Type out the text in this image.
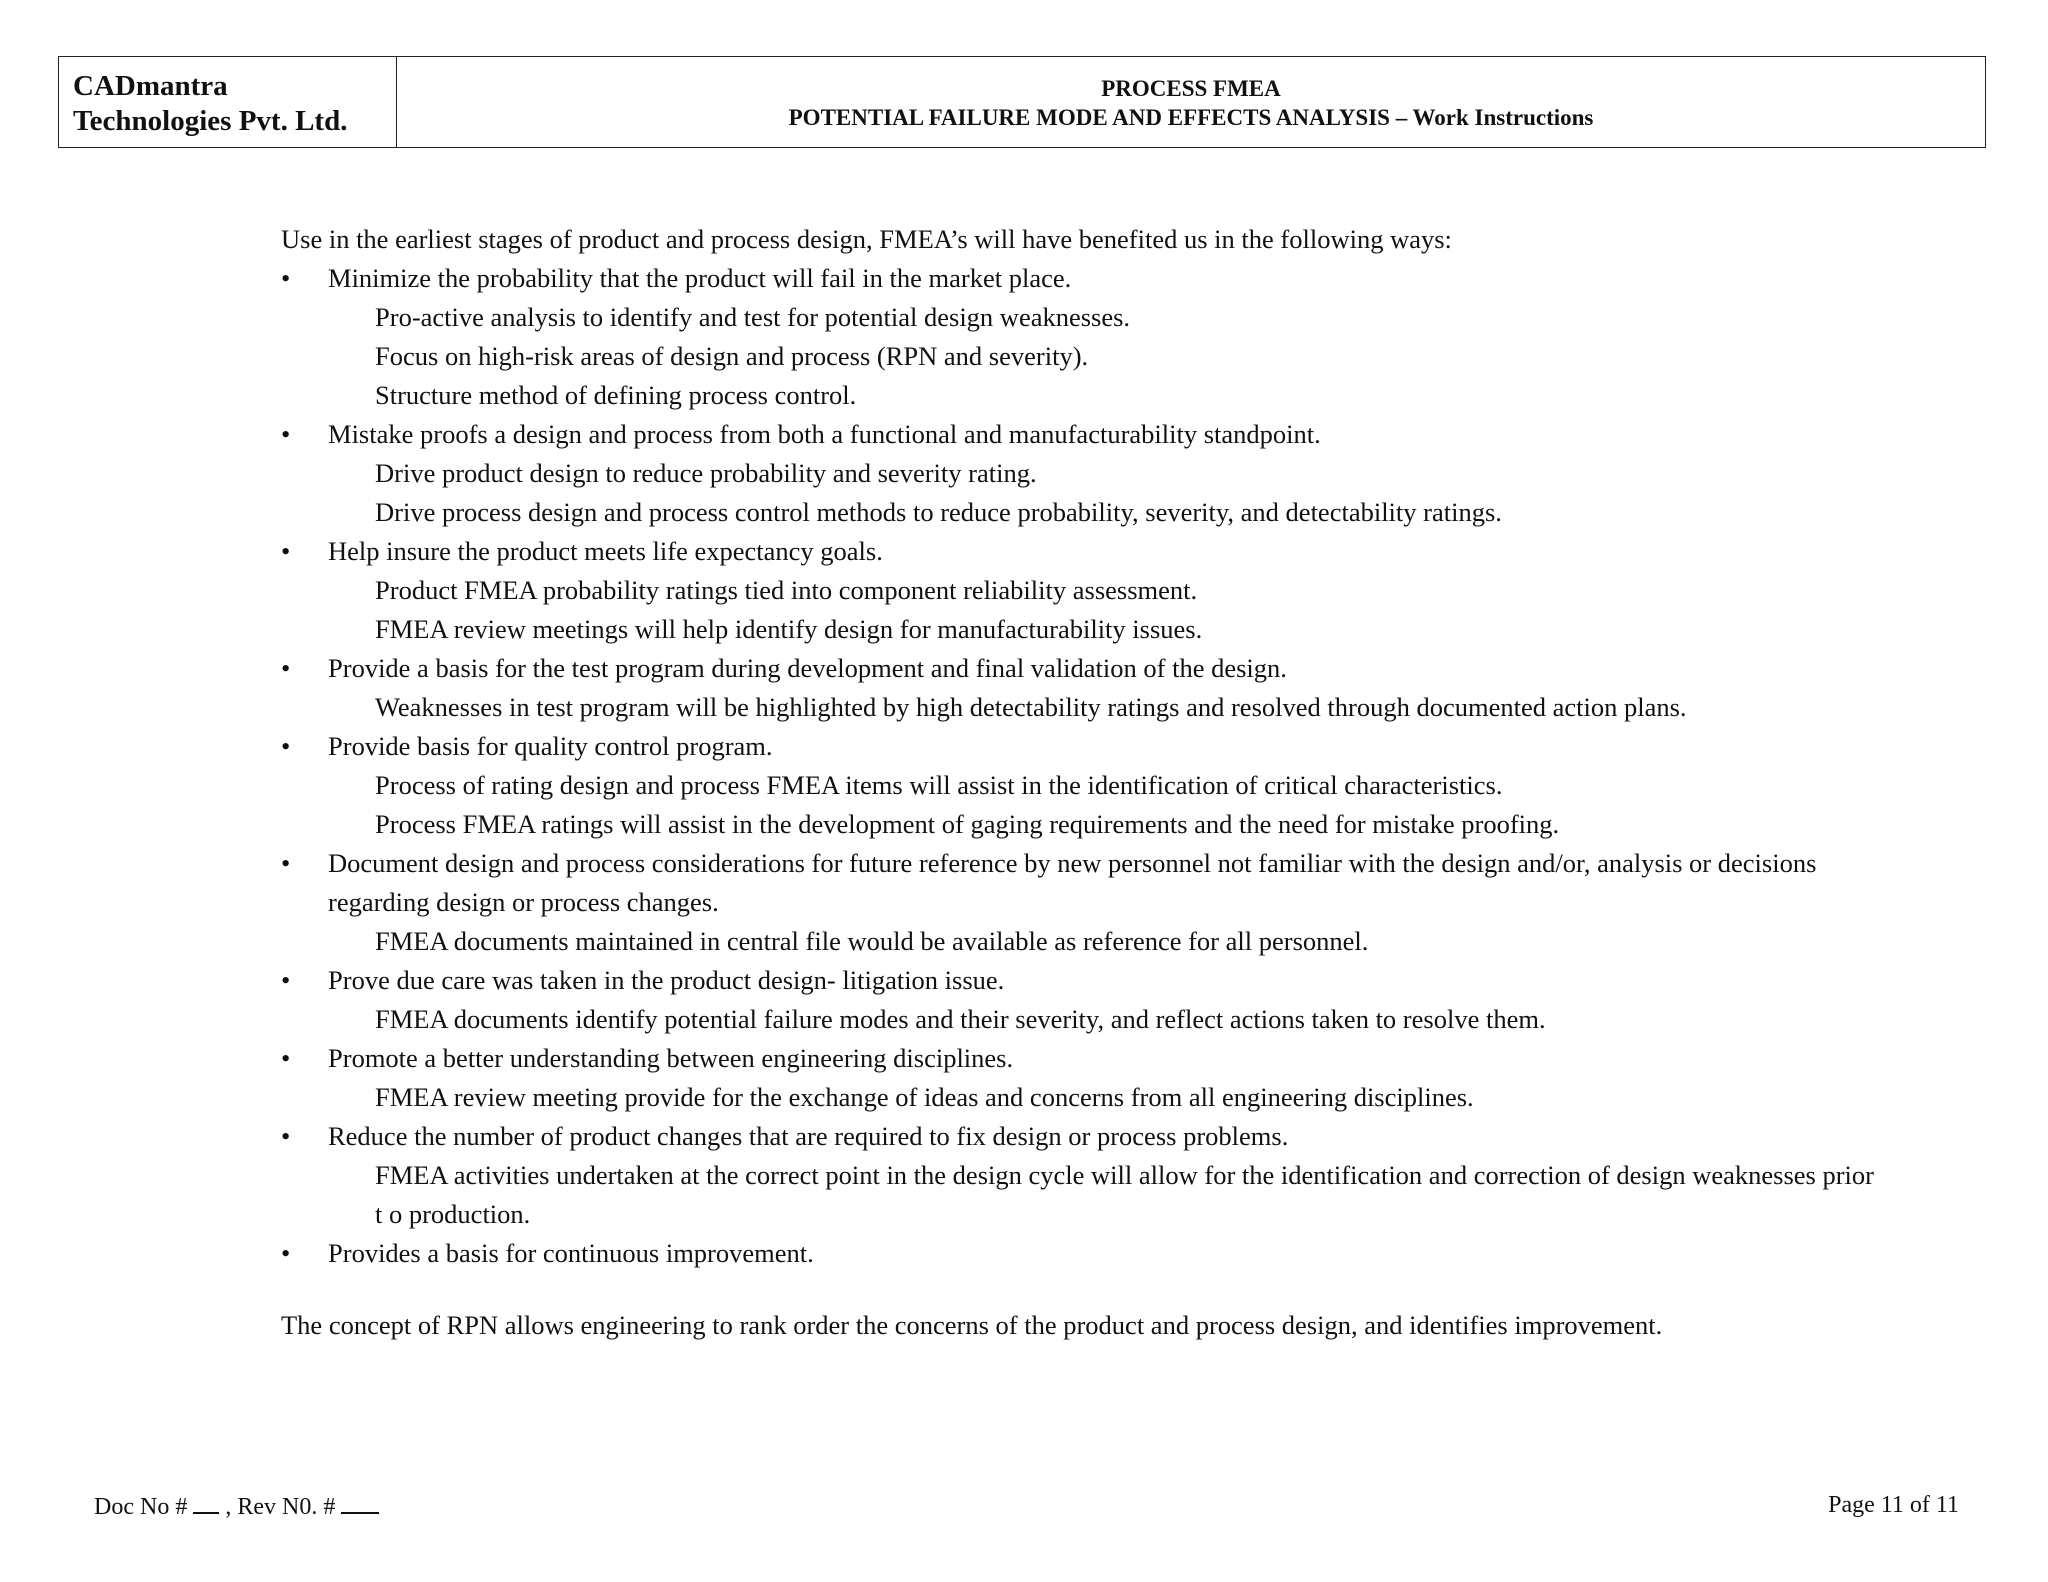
CADmantra
Technologies Pvt. Ltd.
PROCESS FMEA
POTENTIAL FAILURE MODE AND EFFECTS ANALYSIS – Work Instructions

Use in the earliest stages of product and process design, FMEA’s will have benefited us in the following ways:

• Minimize the probability that the product will fail in the market place.

Pro-active analysis to identify and test for potential design weaknesses.

Focus on high-risk areas of design and process (RPN and severity).

Structure method of defining process control.

• Mistake proofs a design and process from both a functional and manufacturability standpoint.

Drive product design to reduce probability and severity rating.

Drive process design and process control methods to reduce probability, severity, and detectability ratings.

• Help insure the product meets life expectancy goals.

Product FMEA probability ratings tied into component reliability assessment.

FMEA review meetings will help identify design for manufacturability issues.

• Provide a basis for the test program during development and final validation of the design.

Weaknesses in test program will be highlighted by high detectability ratings and resolved through documented action plans.

• Provide basis for quality control program.

Process of rating design and process FMEA items will assist in the identification of critical characteristics.

Process FMEA ratings will assist in the development of gaging requirements and the need for mistake proofing.

• Document design and process considerations for future reference by new personnel not familiar with the design and/or, analysis or decisions
regarding design or process changes.

FMEA documents maintained in central file would be available as reference for all personnel.

• Prove due care was taken in the product design- litigation issue.

FMEA documents identify potential failure modes and their severity, and reflect actions taken to resolve them.

• Promote a better understanding between engineering disciplines.

FMEA review meeting provide for the exchange of ideas and concerns from all engineering disciplines.

• Reduce the number of product changes that are required to fix design or process problems.

FMEA activities undertaken at the correct point in the design cycle will allow for the identification and correction of design weaknesses prior
t o production.

• Provides a basis for continuous improvement.

The concept of RPN allows engineering to rank order the concerns of the product and process design, and identifies improvement.

Doc No # , Rev N0. #	Page 11 of 11
